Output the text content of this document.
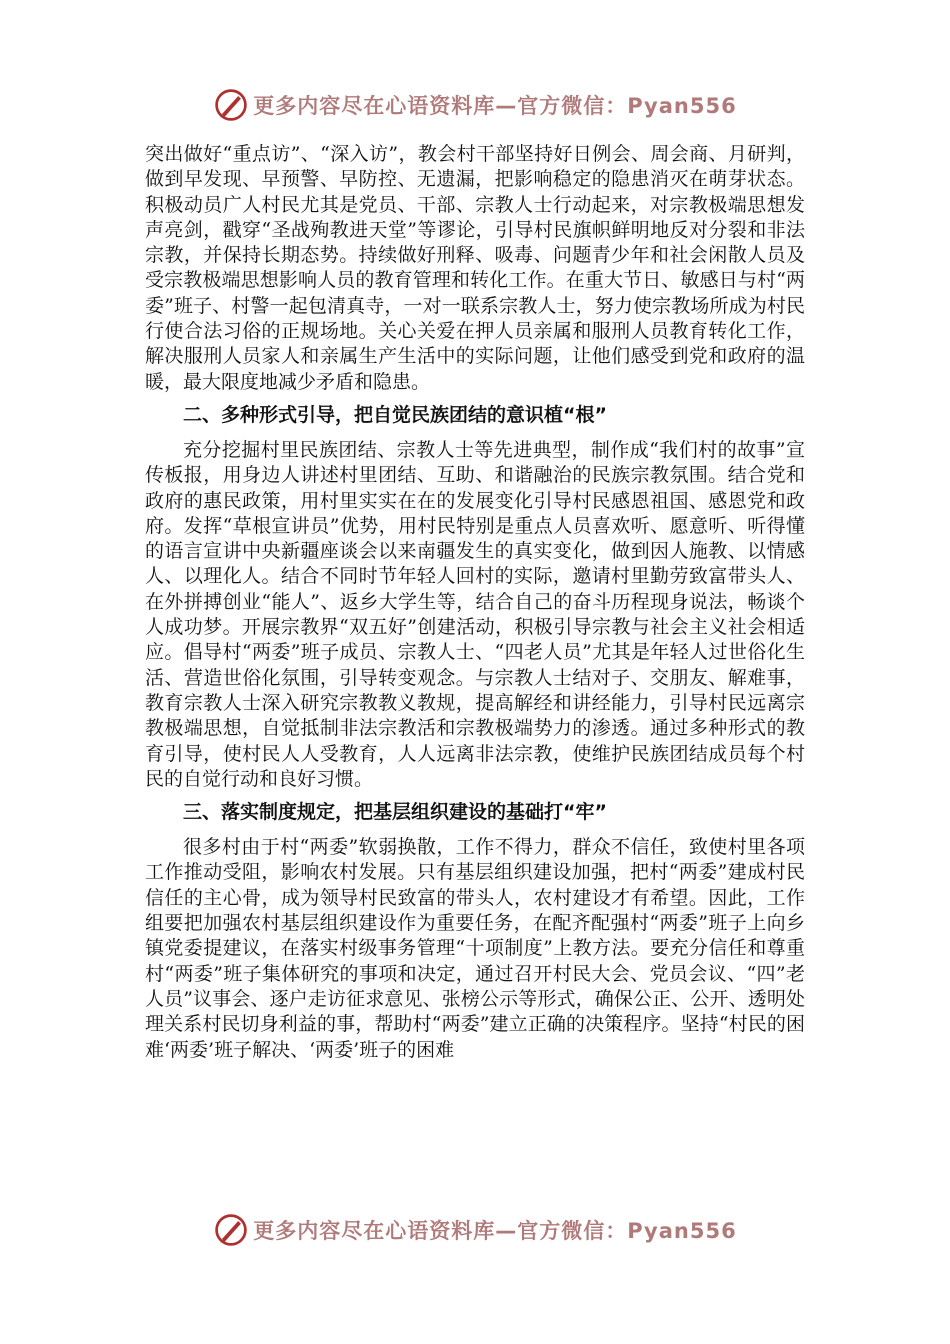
更多内容尽在心语资料库—官方微信：Pyan556

突出做好“重点访”、“深入访”，教会村干部坚持好日例会、周会商、月研判，做到早发现、早预警、早防控、无遗漏，把影响稳定的隐患消灭在萌芽状态。积极动员广人村民尤其是党员、干部、宗教人士行动起来，对宗教极端思想发声亮剑，戳穿“圣战殉教进天堂”等谬论，引导村民旗帜鲜明地反对分裂和非法宗教，并保持长期态势。持续做好刑释、吸毒、问题青少年和社会闲散人员及受宗教极端思想影响人员的教育管理和转化工作。在重大节日、敏感日与村“两委”班子、村警一起包清真寺，一对一联系宗教人士，努力使宗教场所成为村民行使合法习俗的正规场地。关心关爱在押人员亲属和服刑人员教育转化工作，解决服刑人员家人和亲属生产生活中的实际问题，让他们感受到党和政府的温暖，最大限度地减少矛盾和隐患。

二、多种形式引导，把自觉民族团结的意识植“根”

充分挖掘村里民族团结、宗教人士等先进典型，制作成“我们村的故事”宣传板报，用身边人讲述村里团结、互助、和谐融治的民族宗教氛围。结合党和政府的惠民政策，用村里实实在在的发展变化引导村民感恩祖国、感恩党和政府。发挥“草根宣讲员”优势，用村民特别是重点人员喜欢听、愿意听、听得懂的语言宣讲中央新疆座谈会以来南疆发生的真实变化，做到因人施教、以情感人、以理化人。结合不同时节年轻人回村的实际，邀请村里勤劳致富带头人、在外拼搏创业“能人”、返乡大学生等，结合自己的奋斗历程现身说法，畅谈个人成功梦。开展宗教界“双五好”创建活动，积极引导宗教与社会主义社会相适应。倡导村“两委”班子成员、宗教人士、“四老人员”尤其是年轻人过世俗化生活、营造世俗化氛围，引导转变观念。与宗教人士结对子、交朋友、解难事，教育宗教人士深入研究宗教教义教规，提高解经和讲经能力，引导村民远离宗教极端思想，自觉抵制非法宗教活和宗教极端势力的渗透。通过多种形式的教育引导，使村民人人受教育，人人远离非法宗教，使维护民族团结成员每个村民的自觉行动和良好习惯。

三、落实制度规定，把基层组织建设的基础打“牢”

很多村由于村“两委”软弱换散，工作不得力，群众不信任，致使村里各项工作推动受阻，影响农村发展。只有基层组织建设加强，把村“两委”建成村民信任的主心骨，成为领导村民致富的带头人，农村建设才有希望。因此，工作组要把加强农村基层组织建设作为重要任务，在配齐配强村“两委”班子上向乡镇党委提建议，在落实村级事务管理“十项制度”上教方法。要充分信任和尊重村“两委”班子集体研究的事项和决定，通过召开村民大会、党员会议、“四”老人员”议事会、逐户走访征求意见、张榜公示等形式，确保公正、公开、透明处理关系村民切身利益的事，帮助村“两委”建立正确的决策程序。坚持“村民的困难‘两委’班子解决、‘两委’班子的困难

更多内容尽在心语资料库—官方微信：Pyan556
